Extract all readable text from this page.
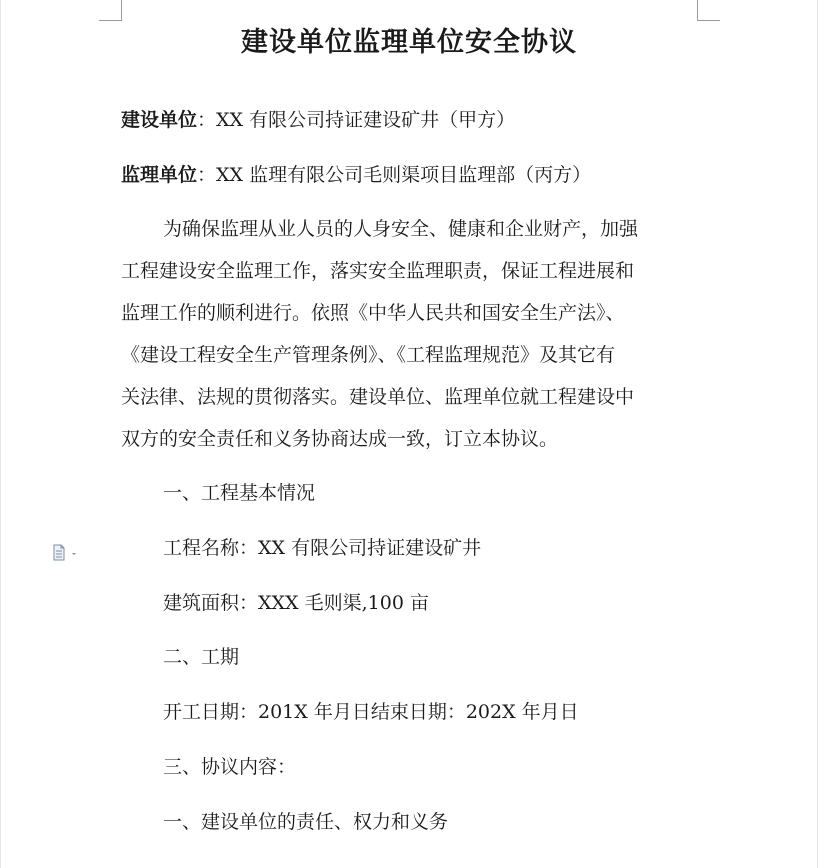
建设单位监理单位安全协议
建设单位：XX 有限公司持证建设矿井（甲方）
监理单位：XX 监理有限公司毛则渠项目监理部（丙方）
为确保监理从业人员的人身安全、健康和企业财产，加强
工程建设安全监理工作，落实安全监理职责，保证工程进展和
监理工作的顺利进行。依照《中华人民共和国安全生产法》、
《建设工程安全生产管理条例》、《工程监理规范》及其它有
关法律、法规的贯彻落实。建设单位、监理单位就工程建设中
双方的安全责任和义务协商达成一致，订立本协议。
一、工程基本情况
工程名称：XX 有限公司持证建设矿井
建筑面积：XXX 毛则渠,100 亩
二、工期
开工日期：201X 年月日结束日期：202X 年月日
三、协议内容：
一、建设单位的责任、权力和义务
